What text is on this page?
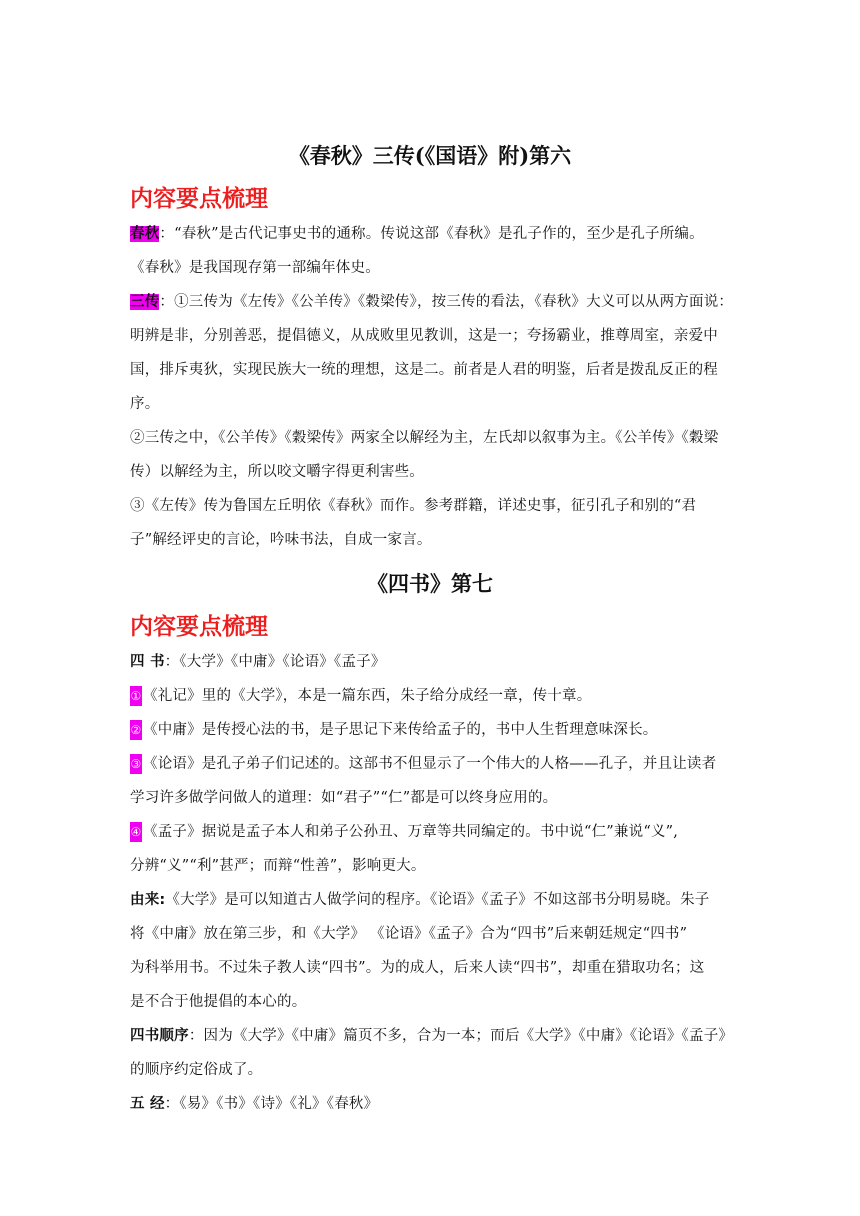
《春秋》三传(《国语》附)第六
内容要点梳理
春秋：“春秋”是古代记事史书的通称。传说这部《春秋》是孔子作的，至少是孔子所编。
《春秋》是我国现存第一部编年体史。
三传：①三传为《左传》《公羊传》《穀梁传》，按三传的看法，《春秋》大义可以从两方面说：
明辨是非，分别善恶，提倡德义，从成败里见教训，这是一；夸扬霸业，推尊周室，亲爱中
国，排斥夷狄，实现民族大一统的理想，这是二。前者是人君的明鉴，后者是拨乱反正的程
序。
②三传之中，《公羊传》《穀梁传》两家全以解经为主，左氏却以叙事为主。《公羊传》《穀梁
传）以解经为主，所以咬文嚼字得更利害些。
③《左传》传为鲁国左丘明依《春秋》而作。参考群籍，详述史事，征引孔子和别的“君
子”解经评史的言论，吟味书法，自成一家言。
《四书》第七
内容要点梳理
四 书：《大学》《中庸》《论语》《孟子》
① 《礼记》里的《大学》，本是一篇东西，朱子给分成经一章，传十章。
② 《中庸》是传授心法的书，是子思记下来传给孟子的，书中人生哲理意味深长。
③ 《论语》是孔子弟子们记述的。这部书不但显示了一个伟大的人格——孔子，并且让读者
学习许多做学问做人的道理：如“君子”“仁”都是可以终身应用的。
④ 《孟子》据说是孟子本人和弟子公孙丑、万章等共同编定的。书中说“仁”兼说“义”,
分辨“义”“利”甚严；而辩“性善”，影响更大。
由来:《大学》是可以知道古人做学问的程序。《论语》《孟子》不如这部书分明易晓。朱子
将《中庸》放在第三步，和《大学》 《论语》《孟子》合为“四书”后来朝廷规定“四书”
为科举用书。不过朱子教人读“四书”。为的成人，后来人读“四书”，却重在猎取功名；这
是不合于他提倡的本心的。
四书顺序：因为《大学》《中庸》篇页不多，合为一本；而后《大学》《中庸》《论语》《孟子》
的顺序约定俗成了。
五 经：《易》《书》《诗》《礼》《春秋》
